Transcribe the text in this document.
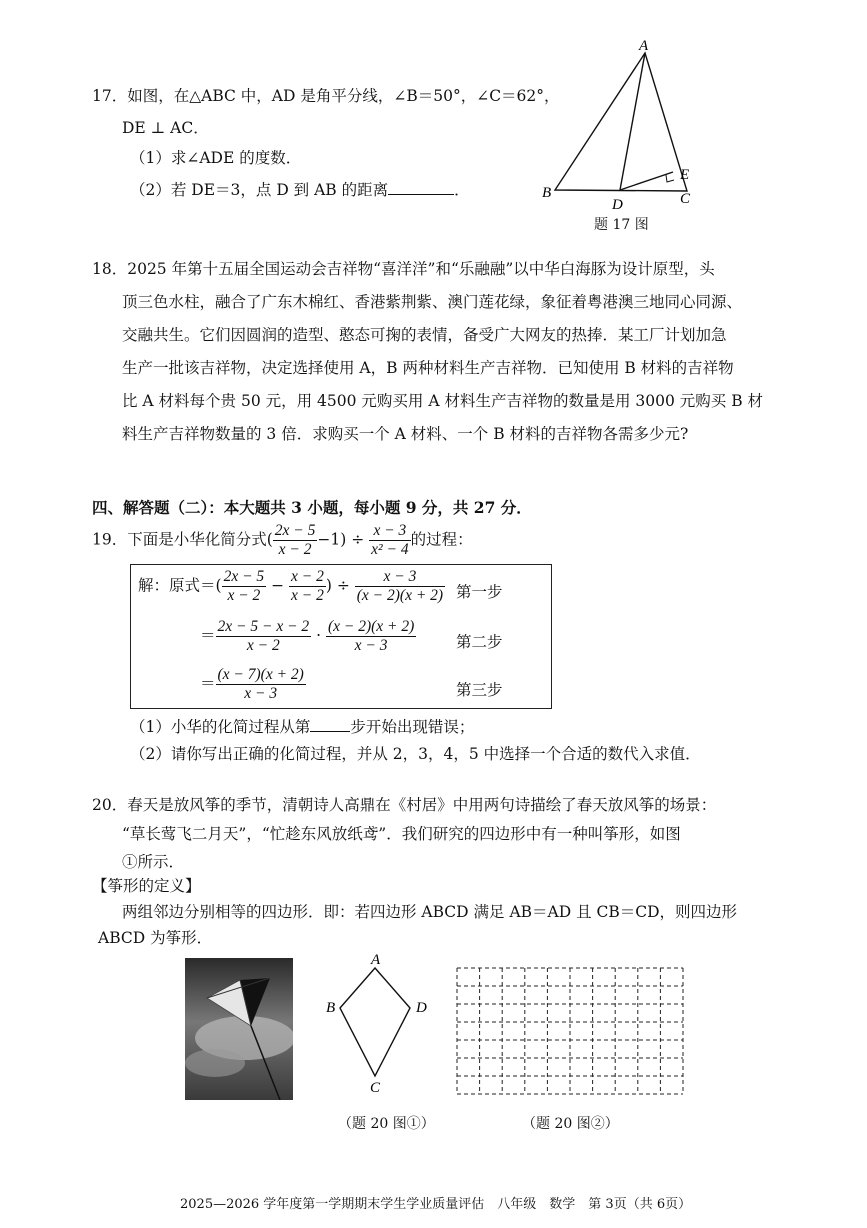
17．如图，在△ABC 中，AD 是角平分线，∠B＝50°，∠C＝62°，
DE ⊥ AC．
（1）求∠ADE 的度数．
（2）若 DE＝3，点 D 到 AB 的距离	．
A
B	C
D
E
题 17 图
18．2025 年第十五届全国运动会吉祥物“喜洋洋”和“乐融融”以中华白海豚为设计原型，头
顶三色水柱，融合了广东木棉红、香港紫荆紫、澳门莲花绿，象征着粤港澳三地同心同源、
交融共生。它们因圆润的造型、憨态可掬的表情，备受广大网友的热捧．某工厂计划加急
生产一批该吉祥物，决定选择使用 A，B 两种材料生产吉祥物．已知使用 B 材料的吉祥物
比 A 材料每个贵 50 元，用 4500 元购买用 A 材料生产吉祥物的数量是用 3000 元购买 B 材
料生产吉祥物数量的 3 倍．求购买一个 A 材料、一个 B 材料的吉祥物各需多少元?
四、解答题（二）：本大题共 3 小题，每小题 9 分，共 27 分．
19．下面是小华化简分式( $\frac{2x - 5}{x - 2} -1) \div \frac{x - 3}{\text{x² − 4}}$ 的过程：
解：原式＝( $\frac{2x - 5}{x - 2} - \frac{x - 2}{x - 2}$ ) ÷ $\frac{x - 3}{(x - 2)(x + 2)}$ 第一步
＝ $\frac{2x - 5 - x - 2}{x - 2} \cdot \frac{(x - 2)(x + 2)}{x - 3}$	第二步
＝ $\frac{(x - 7)(x + 2)}{x - 3}$	第三步
（1）小华的化简过程从第	步开始出现错误；
（2）请你写出正确的化简过程，并从 2，3，4，5 中选择一个合适的数代入求值．
20．春天是放风筝的季节，清朝诗人高鼎在《村居》中用两句诗描绘了春天放风筝的场景：
“草长莺飞二月天”，“忙趁东风放纸鸢”．我们研究的四边形中有一种叫筝形，如图
①所示．
【筝形的定义】
两组邻边分别相等的四边形．即：若四边形 ABCD 满足 AB＝AD 且 CB＝CD，则四边形
ABCD 为筝形．
A
B
C
D
（题 20 图①）	（题 20 图②）
2025—2026 学年度第一学期期末学生学业质量评估　八年级　数学　第 3页（共 6页）
